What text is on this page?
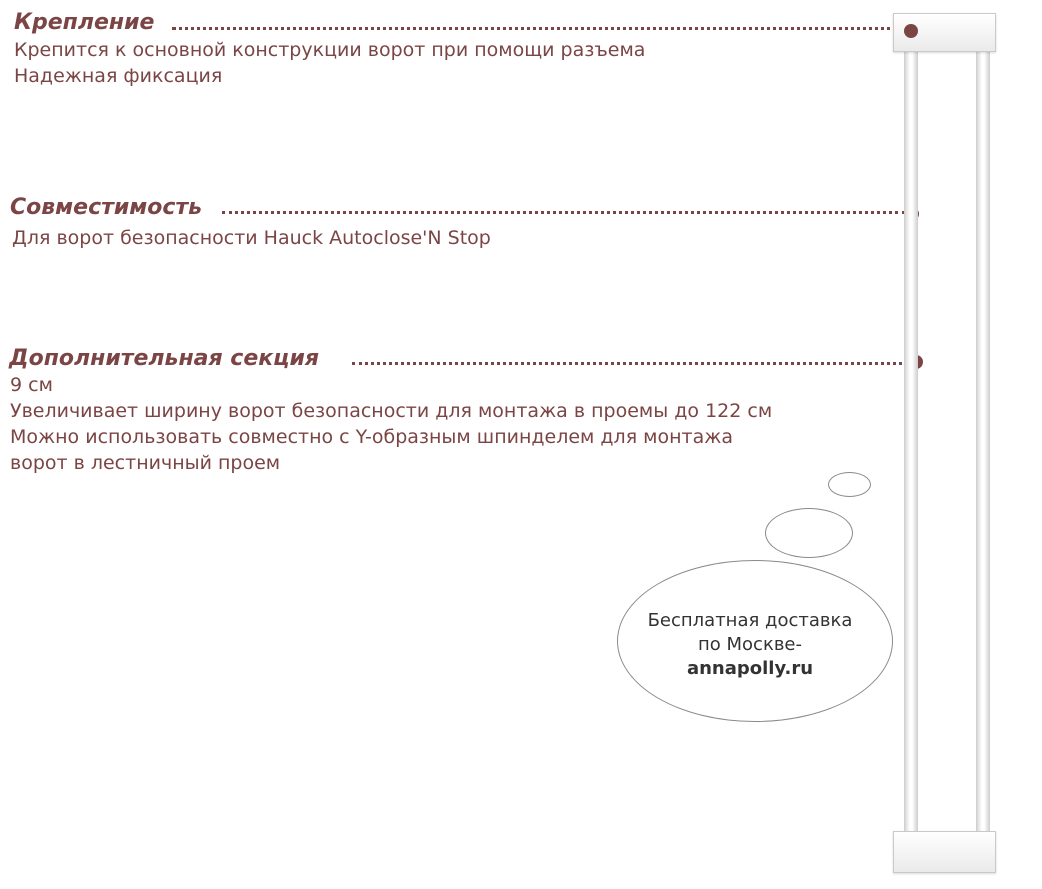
Крепление
Крепится к основной конструкции ворот при помощи разъема
Надежная фиксация
Совместимость
Для ворот безопасности Hauck Autoclose'N Stop
Дополнительная секция
9 см
Увеличивает ширину ворот безопасности для монтажа в проемы до 122 см
Можно использовать совместно с Y-образным шпинделем для монтажа
ворот в лестничный проем
Бесплатная доставка
по Москве-
annapolly.ru
